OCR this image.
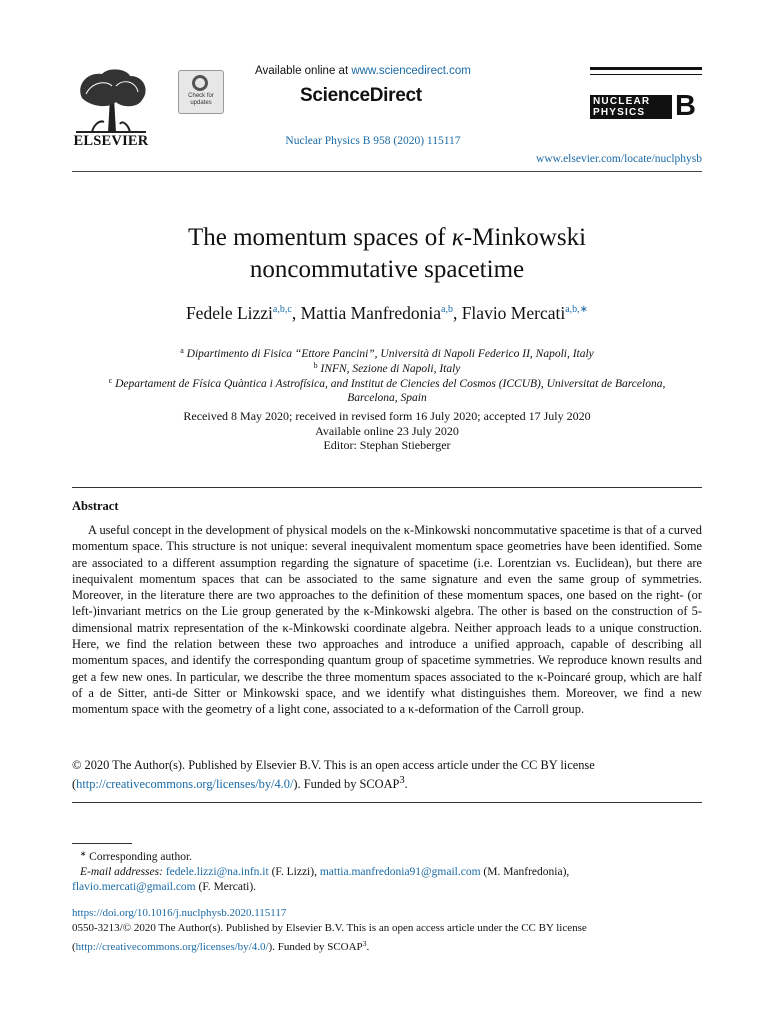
ELSEVIER
Check for updates
Available online at www.sciencedirect.com
ScienceDirect
Nuclear Physics B 958 (2020) 115117
NUCLEAR
PHYSICS	B
www.elsevier.com/locate/nuclphysb
The momentum spaces of κ-Minkowski
noncommutative spacetime
Fedele Lizzi$^{a,b,c}$, Mattia Manfredonia$^{a,b}$, Flavio Mercati$^{a,b,∗}$
$^a$ Dipartimento di Fisica “Ettore Pancini”, Università di Napoli Federico II, Napoli, Italy
$^b$ INFN, Sezione di Napoli, Italy
$^c$ Departament de Física Quàntica i Astrofísica, and Institut de Ciencies del Cosmos (ICCUB), Universitat de Barcelona, Barcelona, Spain
Received 8 May 2020; received in revised form 16 July 2020; accepted 17 July 2020
Available online 23 July 2020
Editor: Stephan Stieberger
Abstract
A useful concept in the development of physical models on the κ-Minkowski noncommutative spacetime is that of a curved momentum space. This structure is not unique: several inequivalent momentum space geometries have been identified. Some are associated to a different assumption regarding the signature of spacetime (i.e. Lorentzian vs. Euclidean), but there are inequivalent momentum spaces that can be associated to the same signature and even the same group of symmetries. Moreover, in the literature there are two approaches to the definition of these momentum spaces, one based on the right- (or left-)invariant metrics on the Lie group generated by the κ-Minkowski algebra. The other is based on the construction of 5-dimensional matrix representation of the κ-Minkowski coordinate algebra. Neither approach leads to a unique construction. Here, we find the relation between these two approaches and introduce a unified approach, capable of describing all momentum spaces, and identify the corresponding quantum group of spacetime symmetries. We reproduce known results and get a few new ones. In particular, we describe the three momentum spaces associated to the κ-Poincaré group, which are half of a de Sitter, anti-de Sitter or Minkowski space, and we identify what distinguishes them. Moreover, we find a new momentum space with the geometry of a light cone, associated to a κ-deformation of the Carroll group.
© 2020 The Author(s). Published by Elsevier B.V. This is an open access article under the CC BY license
(http://creativecommons.org/licenses/by/4.0/). Funded by SCOAP$^3$.
∗ Corresponding author.
E-mail addresses: fedele.lizzi@na.infn.it (F. Lizzi), mattia.manfredonia91@gmail.com (M. Manfredonia),
flavio.mercati@gmail.com (F. Mercati).
https://doi.org/10.1016/j.nuclphysb.2020.115117
0550-3213/© 2020 The Author(s). Published by Elsevier B.V. This is an open access article under the CC BY license
(http://creativecommons.org/licenses/by/4.0/). Funded by SCOAP$^3$.
